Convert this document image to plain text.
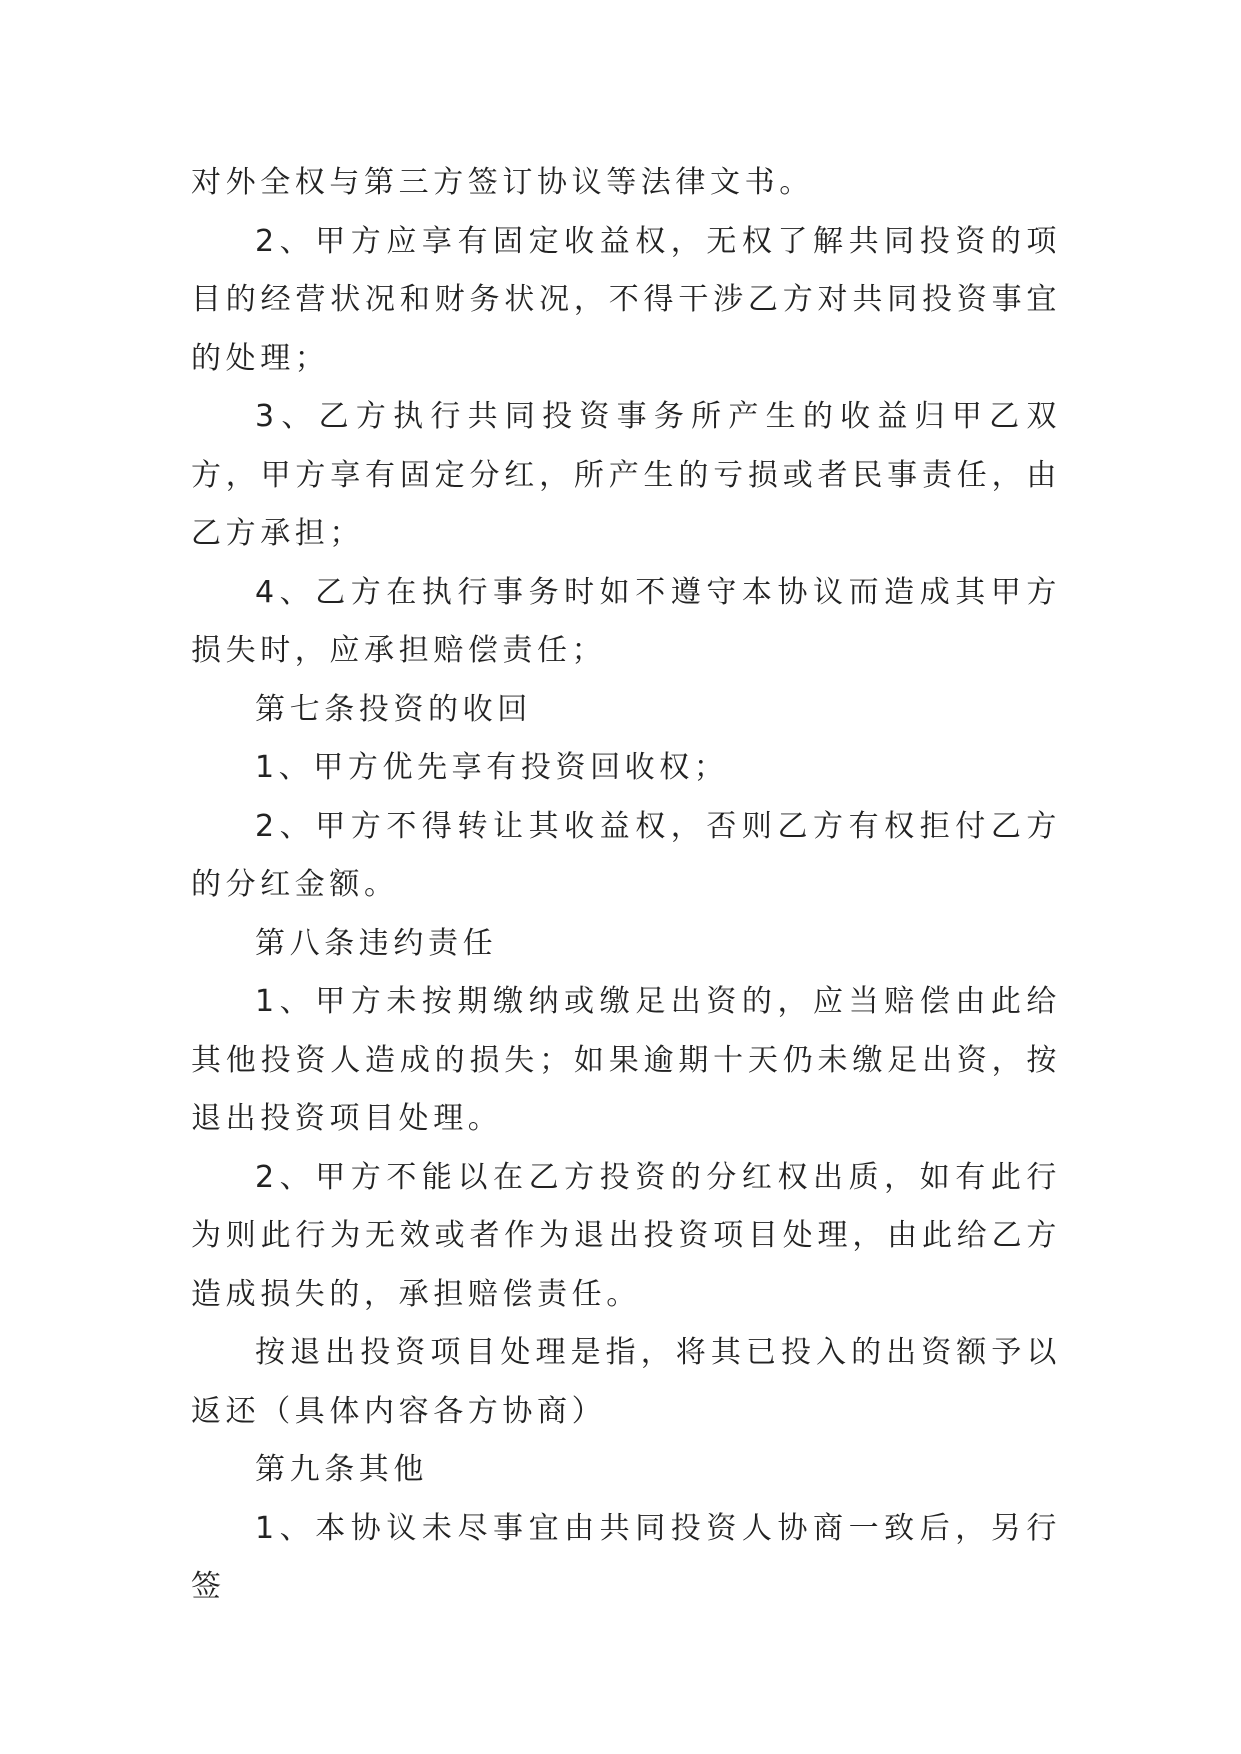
对外全权与第三方签订协议等法律文书。

2、甲方应享有固定收益权，无权了解共同投资的项目的经营状况和财务状况，不得干涉乙方对共同投资事宜的处理；

3、乙方执行共同投资事务所产生的收益归甲乙双方，甲方享有固定分红，所产生的亏损或者民事责任，由乙方承担；

4、乙方在执行事务时如不遵守本协议而造成其甲方损失时，应承担赔偿责任；

第七条投资的收回

1、甲方优先享有投资回收权；

2、甲方不得转让其收益权，否则乙方有权拒付乙方的分红金额。

第八条违约责任

1、甲方未按期缴纳或缴足出资的，应当赔偿由此给其他投资人造成的损失；如果逾期十天仍未缴足出资，按退出投资项目处理。

2、甲方不能以在乙方投资的分红权出质，如有此行为则此行为无效或者作为退出投资项目处理，由此给乙方造成损失的，承担赔偿责任。

按退出投资项目处理是指，将其已投入的出资额予以返还（具体内容各方协商）

第九条其他

1、本协议未尽事宜由共同投资人协商一致后，另行签
